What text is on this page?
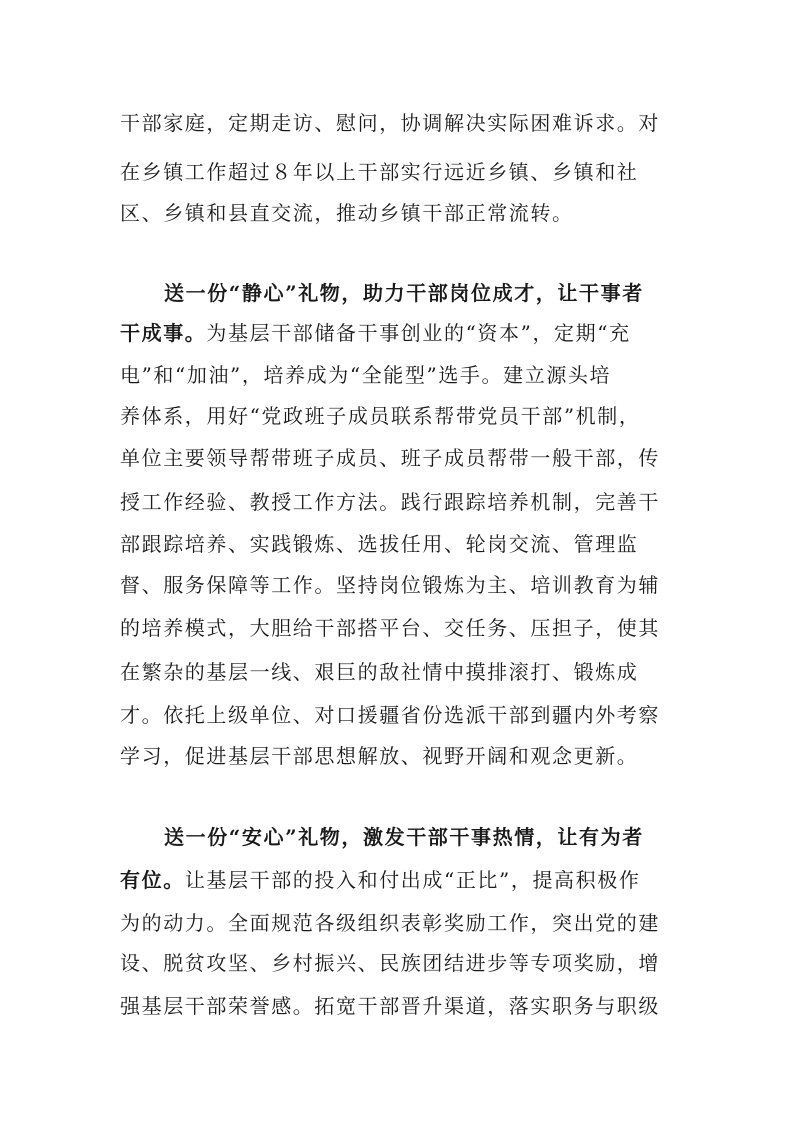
干部家庭，定期走访、慰问，协调解决实际困难诉求。对
在乡镇工作超过８年以上干部实行远近乡镇、乡镇和社
区、乡镇和县直交流，推动乡镇干部正常流转。
送一份“静心”礼物，助力干部岗位成才，让干事者
干成事。为基层干部储备干事创业的“资本”，定期“充
电”和“加油”，培养成为“全能型”选手。建立源头培
养体系，用好“党政班子成员联系帮带党员干部”机制，
单位主要领导帮带班子成员、班子成员帮带一般干部，传
授工作经验、教授工作方法。践行跟踪培养机制，完善干
部跟踪培养、实践锻炼、选拔任用、轮岗交流、管理监
督、服务保障等工作。坚持岗位锻炼为主、培训教育为辅
的培养模式，大胆给干部搭平台、交任务、压担子，使其
在繁杂的基层一线、艰巨的敌社情中摸排滚打、锻炼成
才。依托上级单位、对口援疆省份选派干部到疆内外考察
学习，促进基层干部思想解放、视野开阔和观念更新。
送一份“安心”礼物，激发干部干事热情，让有为者
有位。让基层干部的投入和付出成“正比”，提高积极作
为的动力。全面规范各级组织表彰奖励工作，突出党的建
设、脱贫攻坚、乡村振兴、民族团结进步等专项奖励，增
强基层干部荣誉感。拓宽干部晋升渠道，落实职务与职级
